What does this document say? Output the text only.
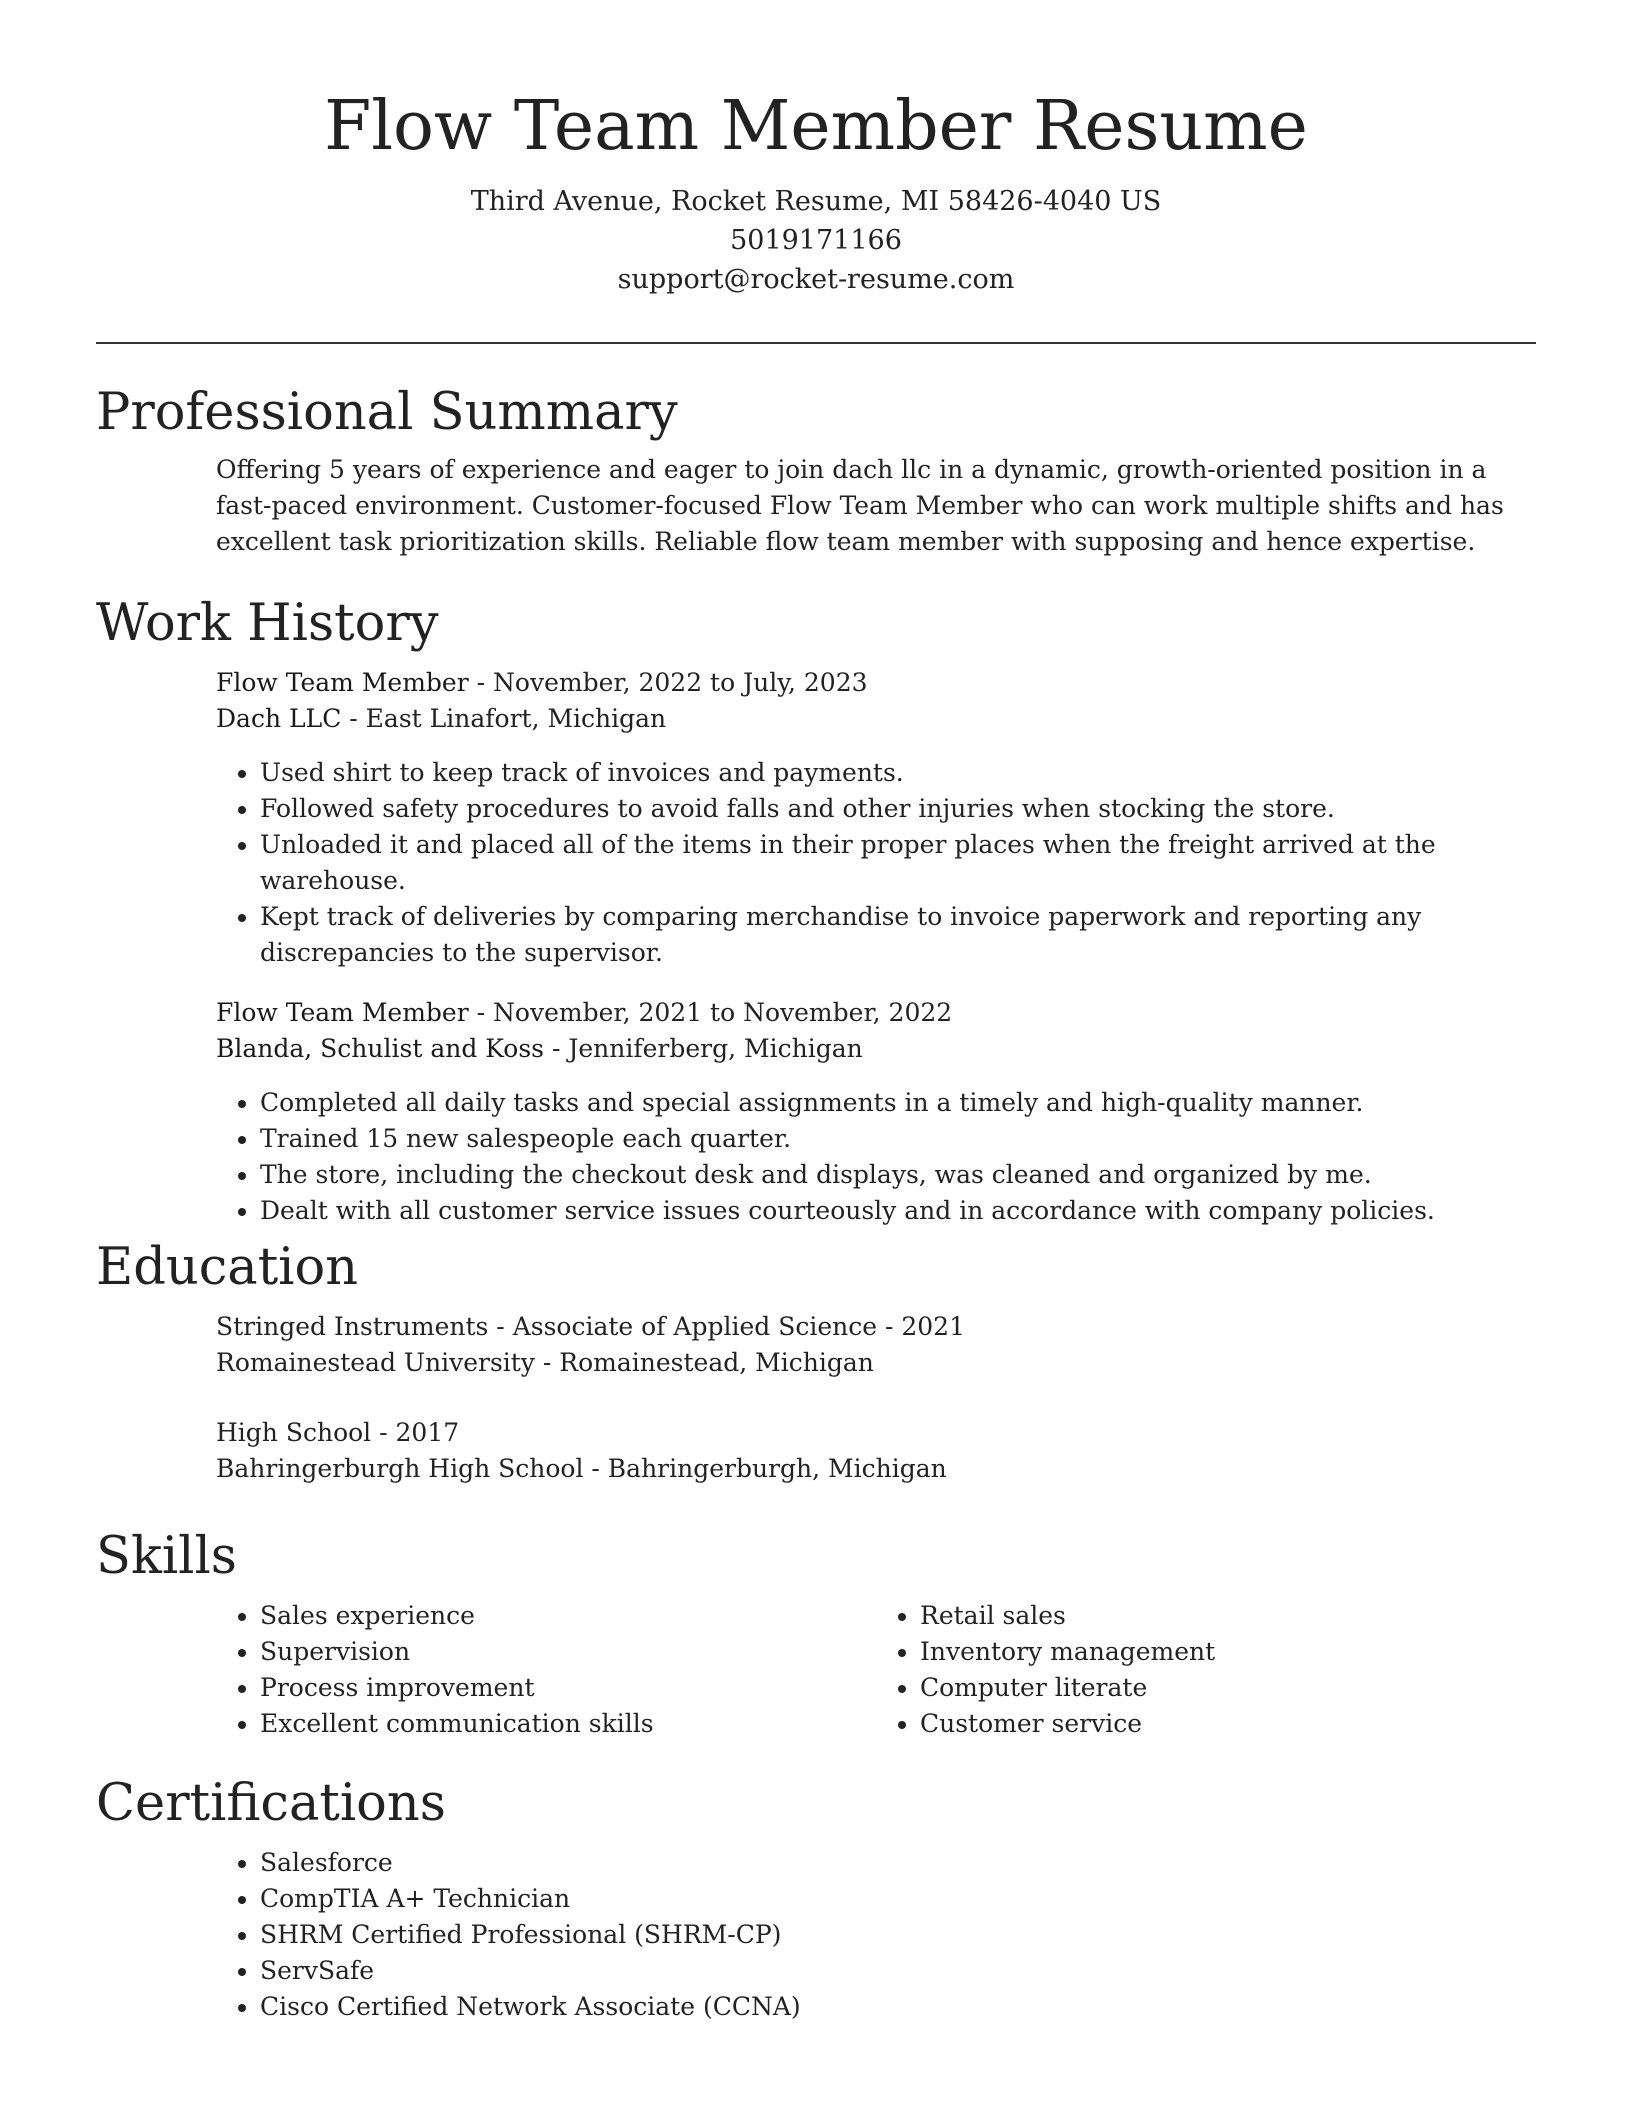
Flow Team Member Resume
Third Avenue, Rocket Resume, MI 58426-4040 US
5019171166
support@rocket-resume.com
Professional Summary

Offering 5 years of experience and eager to join dach llc in a dynamic, growth-oriented position in a fast-paced environment. Customer-focused Flow Team Member who can work multiple shifts and has excellent task prioritization skills. Reliable flow team member with supposing and hence expertise.

Work History
Flow Team Member - November, 2022 to July, 2023
Dach LLC - East Linafort, Michigan
• Used shirt to keep track of invoices and payments.
• Followed safety procedures to avoid falls and other injuries when stocking the store.
• Unloaded it and placed all of the items in their proper places when the freight arrived at the warehouse.
• Kept track of deliveries by comparing merchandise to invoice paperwork and reporting any discrepancies to the supervisor.
Flow Team Member - November, 2021 to November, 2022
Blanda, Schulist and Koss - Jenniferberg, Michigan
• Completed all daily tasks and special assignments in a timely and high-quality manner.
• Trained 15 new salespeople each quarter.
• The store, including the checkout desk and displays, was cleaned and organized by me.
• Dealt with all customer service issues courteously and in accordance with company policies.
Education
Stringed Instruments - Associate of Applied Science - 2021
Romainestead University - Romainestead, Michigan
High School - 2017
Bahringerburgh High School - Bahringerburgh, Michigan
Skills
• Sales experience
• Supervision
• Process improvement
• Excellent communication skills
• Retail sales
• Inventory management
• Computer literate
• Customer service
Certifications
• Salesforce
• CompTIA A+ Technician
• SHRM Certified Professional (SHRM-CP)
• ServSafe
• Cisco Certified Network Associate (CCNA)
